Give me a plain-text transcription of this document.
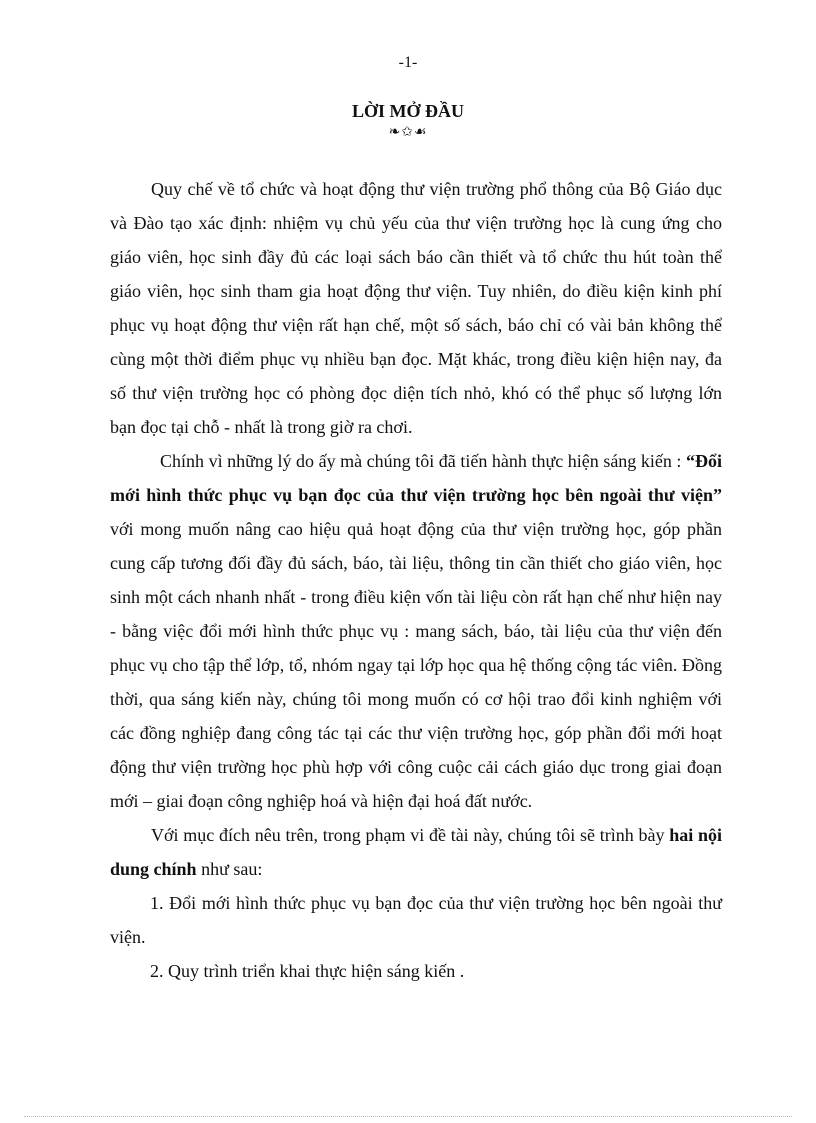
-1-
LỜI MỞ ĐẦU
❧✩☙

Quy chế về tổ chức và hoạt động thư viện trường phổ thông của Bộ Giáo dục và Đào tạo xác định: nhiệm vụ chủ yếu của thư viện trường học là cung ứng cho giáo viên, học sinh đầy đủ các loại sách báo cần thiết và tổ chức thu hút toàn thể giáo viên, học sinh tham gia hoạt động thư viện. Tuy nhiên, do điều kiện kinh phí phục vụ hoạt động thư viện rất hạn chế, một số sách, báo chỉ có vài bản không thể cùng một thời điểm phục vụ nhiều bạn đọc. Mặt khác, trong điều kiện hiện nay, đa số thư viện trường học có phòng đọc diện tích nhỏ, khó có thể phục số lượng lớn bạn đọc tại chỗ - nhất là trong giờ ra chơi.

Chính vì những lý do ấy mà chúng tôi đã tiến hành thực hiện sáng kiến : “Đổi mới hình thức phục vụ bạn đọc của thư viện trường học bên ngoài thư viện” với mong muốn nâng cao hiệu quả hoạt động của thư viện trường học, góp phần cung cấp tương đối đầy đủ sách, báo, tài liệu, thông tin cần thiết cho giáo viên, học sinh một cách nhanh nhất - trong điều kiện vốn tài liệu còn rất hạn chế như hiện nay - bằng việc đổi mới hình thức phục vụ : mang sách, báo, tài liệu của thư viện đến phục vụ cho tập thể lớp, tổ, nhóm ngay tại lớp học qua hệ thống cộng tác viên. Đồng thời, qua sáng kiến này, chúng tôi mong muốn có cơ hội trao đổi kinh nghiệm với các đồng nghiệp đang công tác tại các thư viện trường học, góp phần đổi mới hoạt động thư viện trường học phù hợp với công cuộc cải cách giáo dục trong giai đoạn mới – giai đoạn công nghiệp hoá và hiện đại hoá đất nước.

Với mục đích nêu trên, trong phạm vi đề tài này, chúng tôi sẽ trình bày hai nội dung chính như sau:

1. Đổi mới hình thức phục vụ bạn đọc của thư viện trường học bên ngoài thư viện.

2. Quy trình triển khai thực hiện sáng kiến .
